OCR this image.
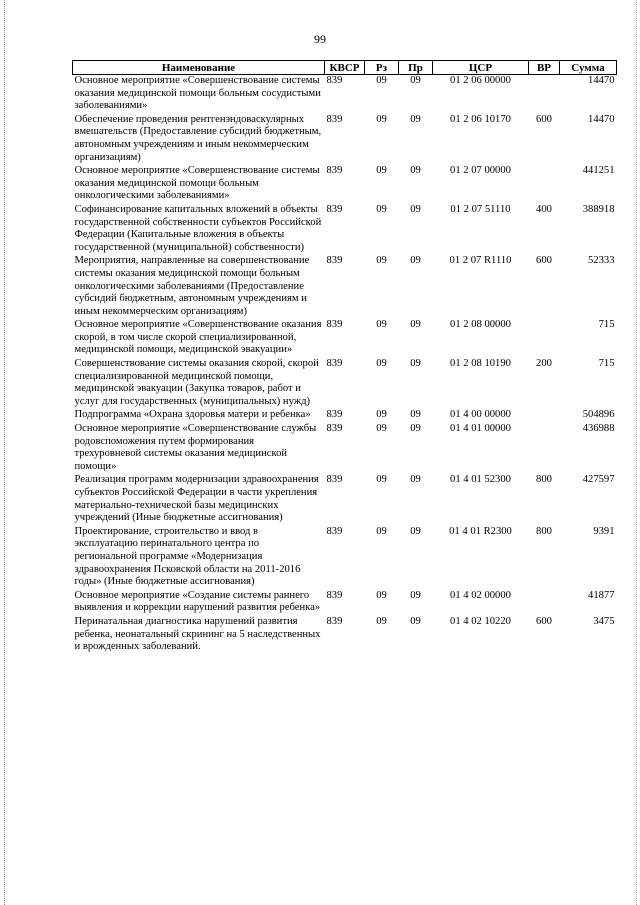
99
Наименование	КВСР	Рз	Пр	ЦСР	ВР	Сумма
Основное мероприятие «Совершенствование системы оказания медицинской помощи больным сосудистыми заболеваниями»	839	09	09	01 2 06 00000		14470
Обеспечение проведения рентгенэндоваскулярных вмешательств (Предоставление субсидий бюджетным, автономным учреждениям и иным некоммерческим организациям)	839	09	09	01 2 06 10170	600	14470
Основное мероприятие «Совершенствование системы оказания медицинской помощи больным онкологическими заболеваниями»	839	09	09	01 2 07 00000		441251
Софинансирование капитальных вложений в объекты государственной собственности субъектов Российской Федерации (Капитальные вложения в объекты государственной (муниципальной) собственности)	839	09	09	01 2 07 51110	400	388918
Мероприятия, направленные на совершенствование системы оказания медицинской помощи больным онкологическими заболеваниями (Предоставление субсидий бюджетным, автономным учреждениям и иным некоммерческим организациям)	839	09	09	01 2 07 R1110	600	52333
Основное мероприятие «Совершенствование оказания скорой, в том числе скорой специализированной, медицинской помощи, медицинской эвакуации»	839	09	09	01 2 08 00000		715
Совершенствование системы оказания скорой, скорой специализированной медицинской помощи, медицинской эвакуации (Закупка товаров, работ и услуг для государственных (муниципальных) нужд)	839	09	09	01 2 08 10190	200	715
Подпрограмма «Охрана здоровья матери и ребенка»	839	09	09	01 4 00 00000		504896
Основное мероприятие «Совершенствование службы родовспоможения путем формирования трехуровневой системы оказания медицинской помощи»	839	09	09	01 4 01 00000		436988
Реализация программ модернизации здравоохранения субъектов Российской Федерации в части укрепления материально-технической базы медицинских учреждений (Иные бюджетные ассигнования)	839	09	09	01 4 01 52300	800	427597
Проектирование, строительство и ввод в эксплуатацию перинатального центра по региональной программе «Модернизация здравоохранения Псковской области на 2011-2016 годы» (Иные бюджетные ассигнования)	839	09	09	01 4 01 R2300	800	9391
Основное мероприятие «Создание системы раннего выявления и коррекции нарушений развития ребенка»	839	09	09	01 4 02 00000		41877
Перинатальная диагностика нарушений развития ребенка, неонатальный скрининг на 5 наследственных и врожденных заболеваний.	839	09	09	01 4 02 10220	600	3475
